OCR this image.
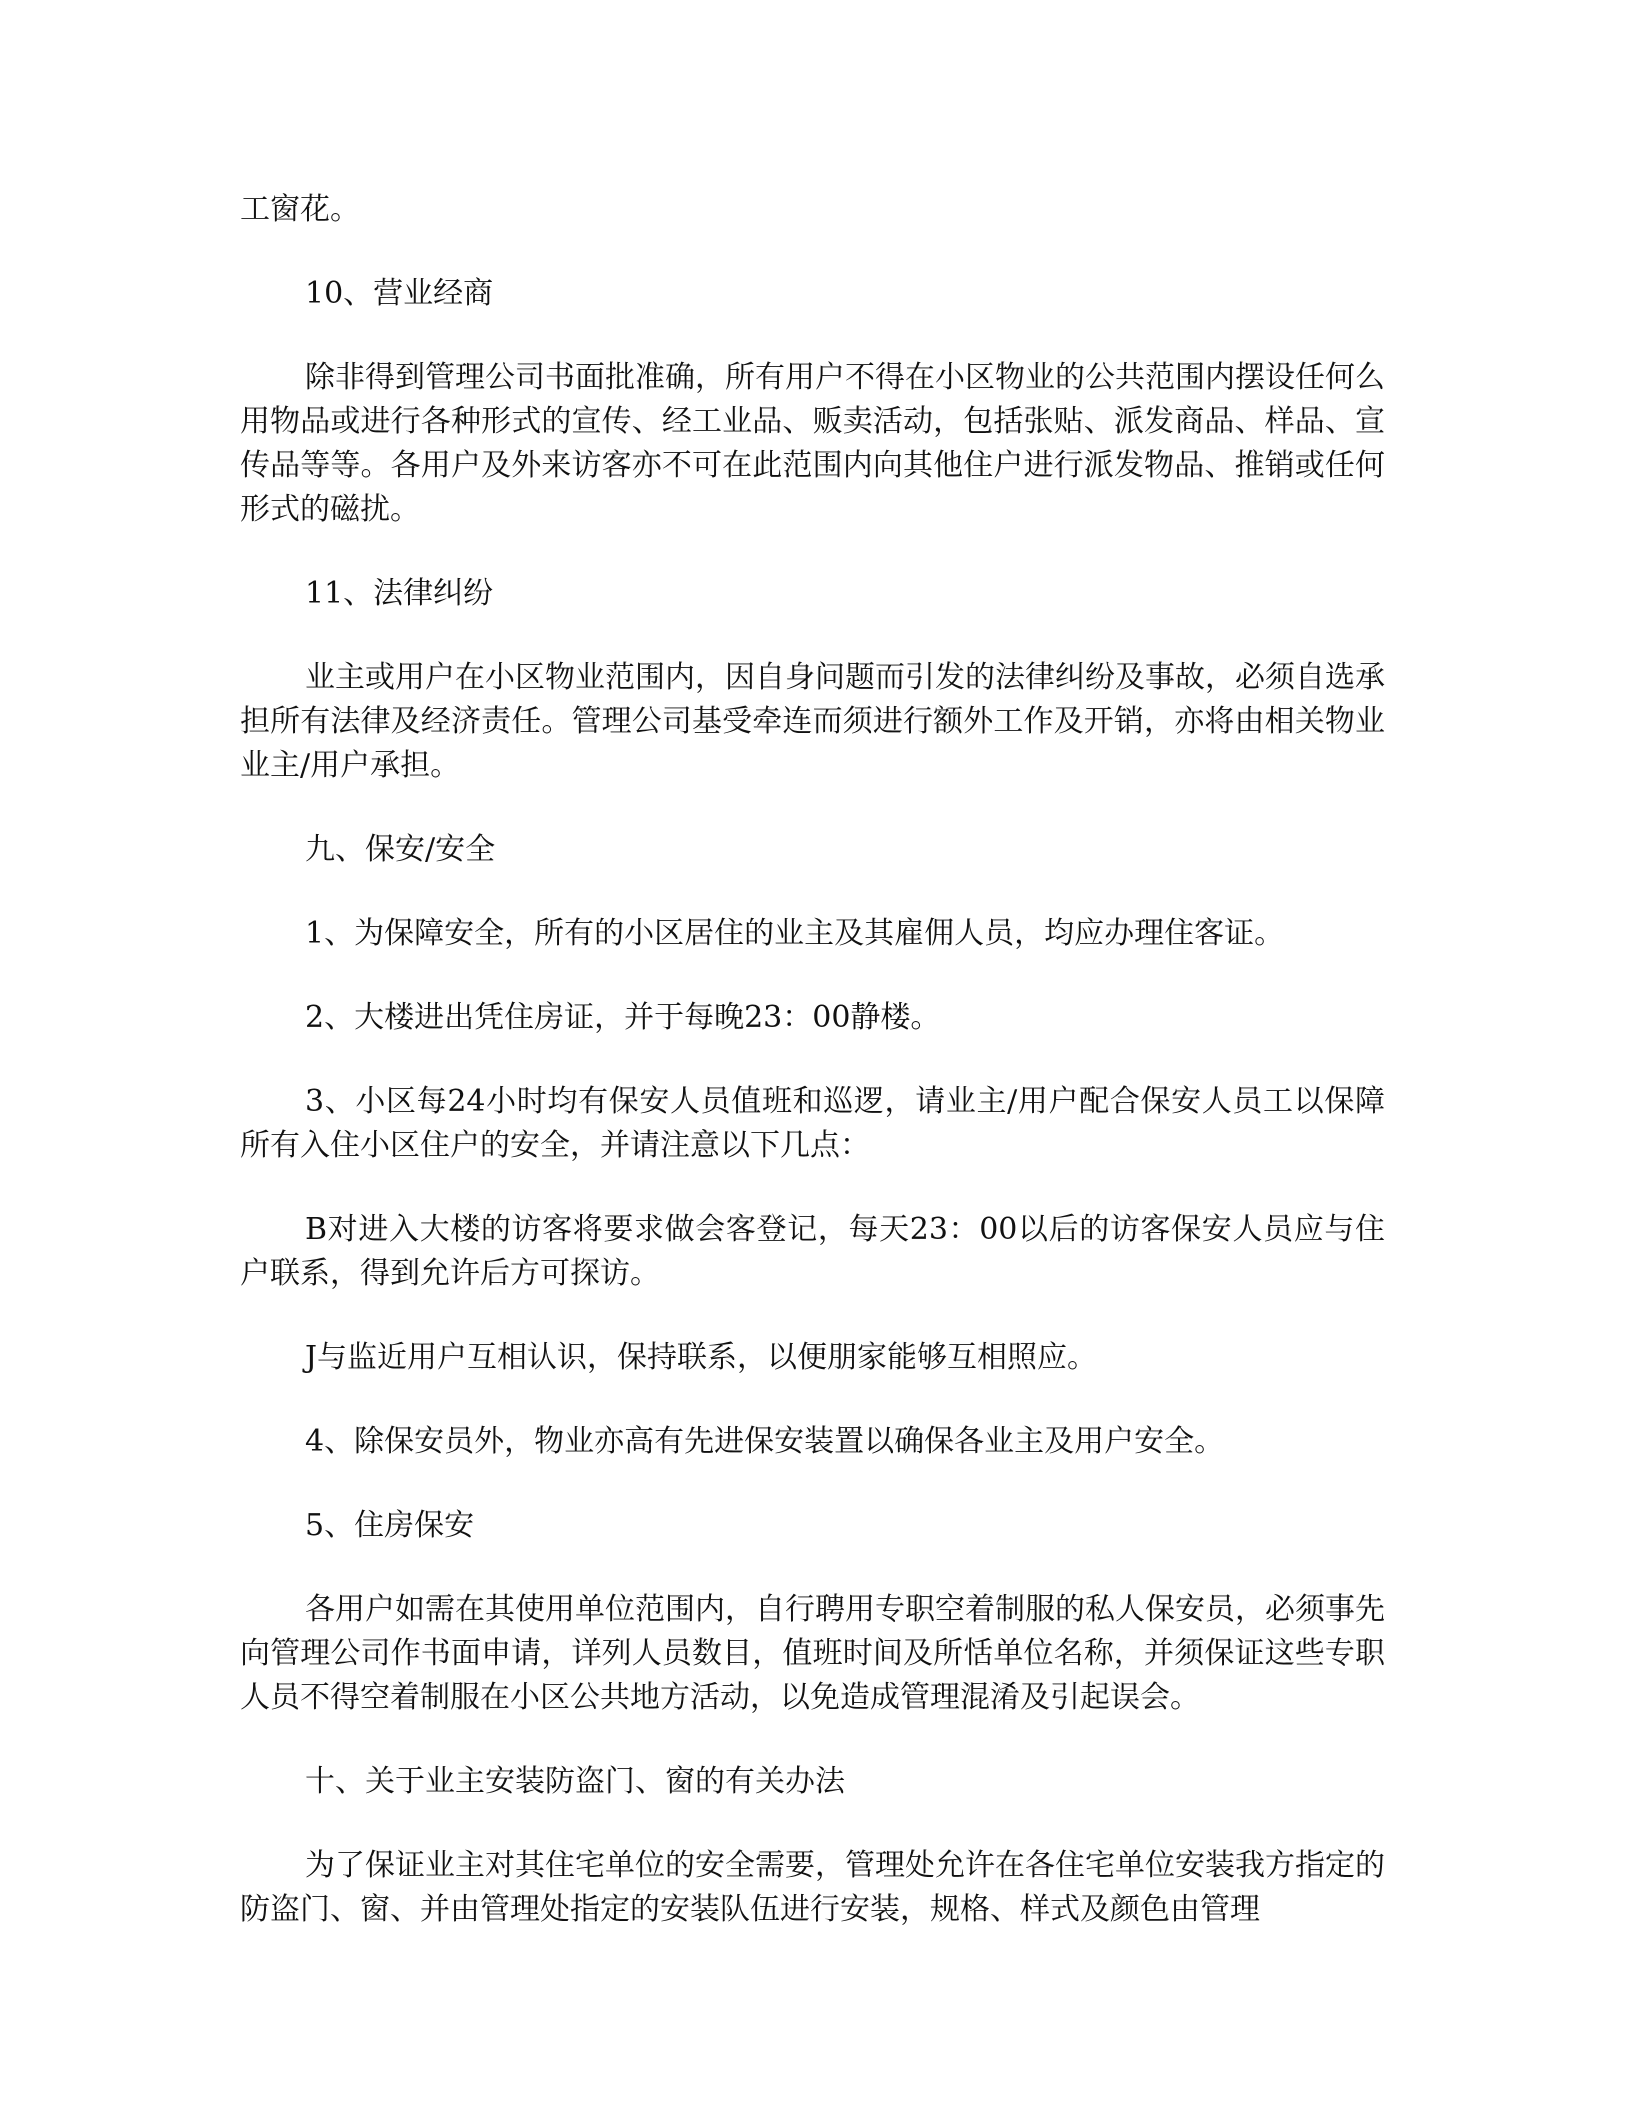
工窗花。

10、营业经商

除非得到管理公司书面批准确，所有用户不得在小区物业的公共范围内摆设任何么用物品或进行各种形式的宣传、经工业品、贩卖活动，包括张贴、派发商品、样品、宣传品等等。各用户及外来访客亦不可在此范围内向其他住户进行派发物品、推销或任何形式的磁扰。

11、法律纠纷

业主或用户在小区物业范围内，因自身问题而引发的法律纠纷及事故，必须自选承担所有法律及经济责任。管理公司基受牵连而须进行额外工作及开销，亦将由相关物业业主/用户承担。

九、保安/安全

1、为保障安全，所有的小区居住的业主及其雇佣人员，均应办理住客证。

2、大楼进出凭住房证，并于每晚23：00静楼。

3、小区每24小时均有保安人员值班和巡逻，请业主/用户配合保安人员工以保障所有入住小区住户的安全，并请注意以下几点：

B对进入大楼的访客将要求做会客登记，每天23：00以后的访客保安人员应与住户联系，得到允许后方可探访。

J与监近用户互相认识，保持联系，以便朋家能够互相照应。

4、除保安员外，物业亦高有先进保安装置以确保各业主及用户安全。

5、住房保安

各用户如需在其使用单位范围内，自行聘用专职空着制服的私人保安员，必须事先向管理公司作书面申请，详列人员数目，值班时间及所恬单位名称，并须保证这些专职人员不得空着制服在小区公共地方活动，以免造成管理混淆及引起误会。

十、关于业主安装防盗门、窗的有关办法

为了保证业主对其住宅单位的安全需要，管理处允许在各住宅单位安装我方指定的防盗门、窗、并由管理处指定的安装队伍进行安装，规格、样式及颜色由管理
